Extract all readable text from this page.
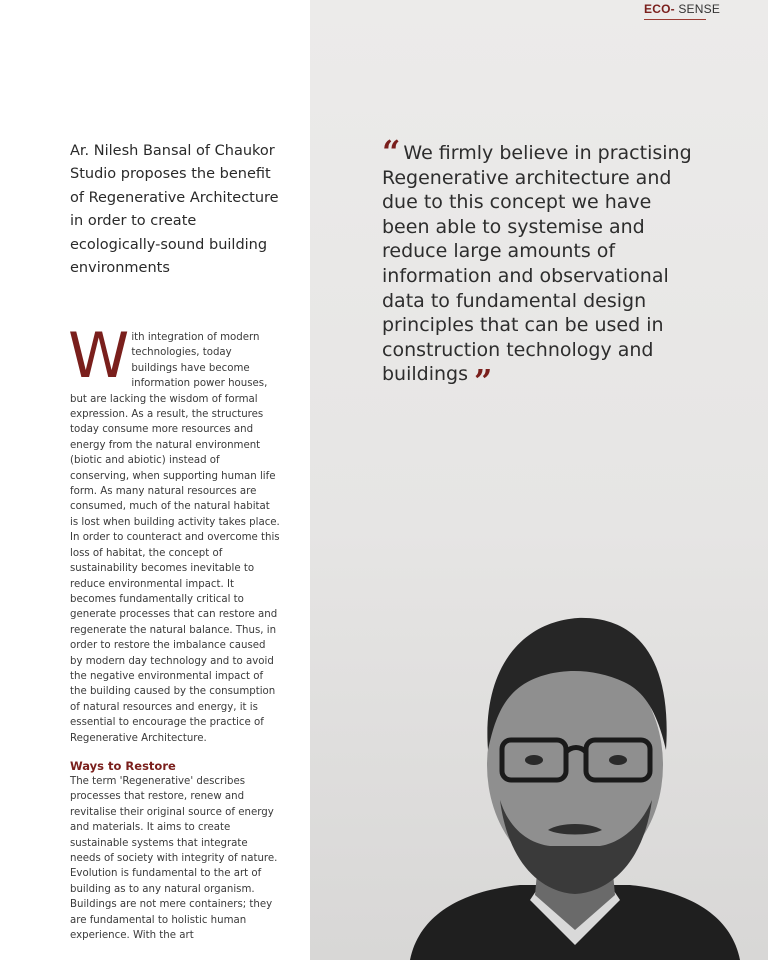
ECO- SENSE
Ar. Nilesh Bansal of Chaukor Studio proposes the benefit of Regenerative Architecture in order to create ecologically-sound building environments
With integration of modern technologies, today buildings have become information power houses, but are lacking the wisdom of formal expression. As a result, the structures today consume more resources and energy from the natural environment (biotic and abiotic) instead of conserving, when supporting human life form. As many natural resources are consumed, much of the natural habitat is lost when building activity takes place. In order to counteract and overcome this loss of habitat, the concept of sustainability becomes inevitable to reduce environmental impact. It becomes fundamentally critical to generate processes that can restore and regenerate the natural balance. Thus, in order to restore the imbalance caused by modern day technology and to avoid the negative environmental impact of the building caused by the consumption of natural resources and energy, it is essential to encourage the practice of Regenerative Architecture.
Ways to Restore
The term 'Regenerative' describes processes that restore, renew and revitalise their original source of energy and materials. It aims to create sustainable systems that integrate needs of society with integrity of nature. Evolution is fundamental to the art of building as to any natural organism. Buildings are not mere containers; they are fundamental to holistic human experience. With the art
“ We firmly believe in practising Regenerative architecture and due to this concept we have been able to systemise and reduce large amounts of information and observational data to fundamental design principles that can be used in construction technology and buildings ”
